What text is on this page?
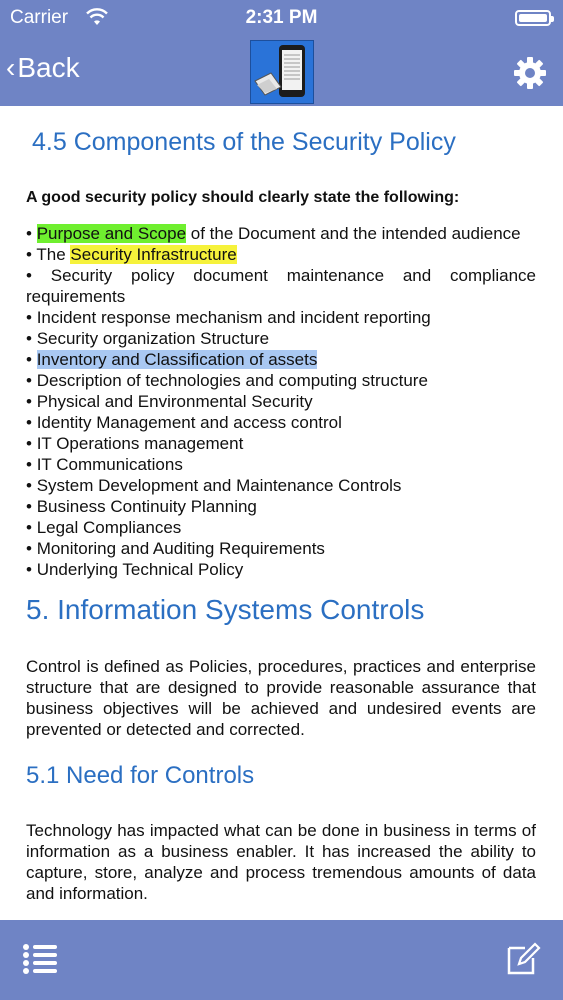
Carrier	2:31 PM
‹ Back
4.5 Components of the Security Policy
A good security policy should clearly state the following:
• Purpose and Scope of the Document and the intended audience
• The Security Infrastructure
• Security policy document maintenance and compliance requirements
• Incident response mechanism and incident reporting
• Security organization Structure
• Inventory and Classification of assets
• Description of technologies and computing structure
• Physical and Environmental Security
• Identity Management and access control
• IT Operations management
• IT Communications
• System Development and Maintenance Controls
• Business Continuity Planning
• Legal Compliances
• Monitoring and Auditing Requirements
• Underlying Technical Policy
5. Information Systems Controls
Control is defined as Policies, procedures, practices and enterprise structure that are designed to provide reasonable assurance that business objectives will be achieved and undesired events are prevented or detected and corrected.
5.1 Need for Controls
Technology has impacted what can be done in business in terms of information as a business enabler. It has increased the ability to capture, store, analyze and process tremendous amounts of data and information.
